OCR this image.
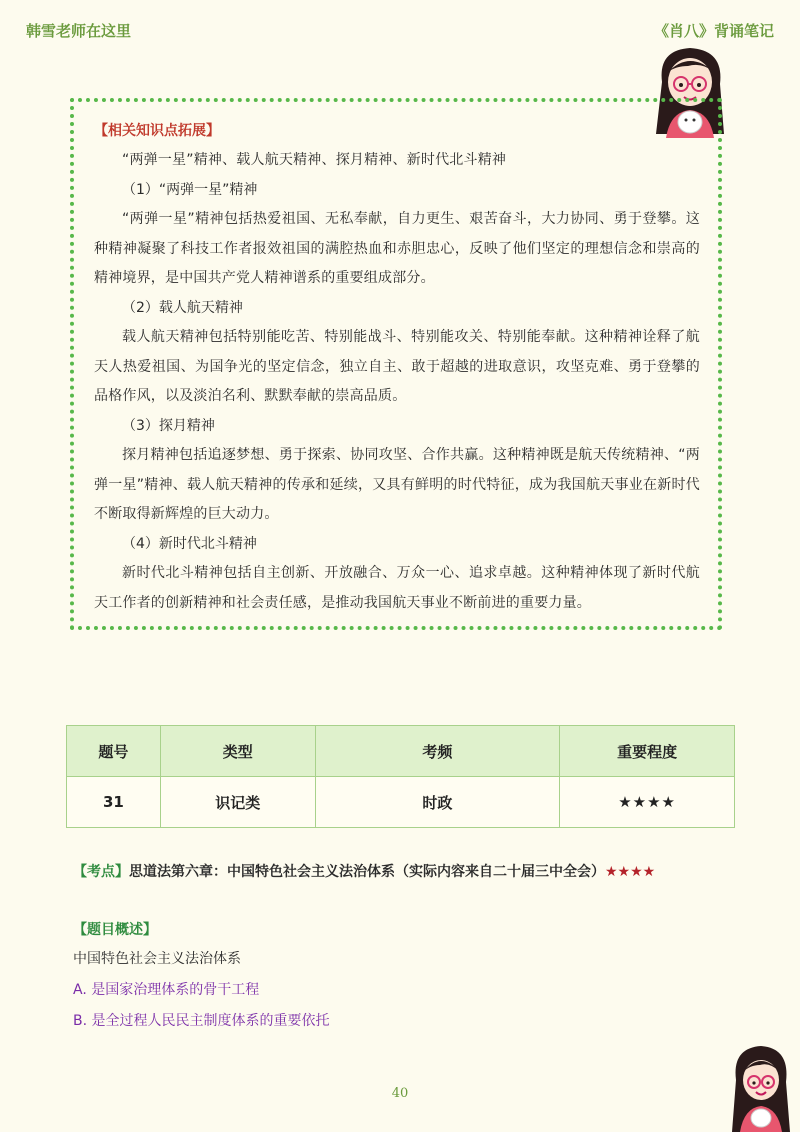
韩雪老师在这里	《肖八》背诵笔记

【相关知识点拓展】

“两弹一星”精神、载人航天精神、探月精神、新时代北斗精神

（1）“两弹一星”精神

“两弹一星”精神包括热爱祖国、无私奉献，自力更生、艰苦奋斗，大力协同、勇于登攀。这种精神凝聚了科技工作者报效祖国的满腔热血和赤胆忠心，反映了他们坚定的理想信念和崇高的精神境界，是中国共产党人精神谱系的重要组成部分。

（2）载人航天精神

载人航天精神包括特别能吃苦、特别能战斗、特别能攻关、特别能奉献。这种精神诠释了航天人热爱祖国、为国争光的坚定信念，独立自主、敢于超越的进取意识，攻坚克难、勇于登攀的品格作风，以及淡泊名利、默默奉献的崇高品质。

（3）探月精神

探月精神包括追逐梦想、勇于探索、协同攻坚、合作共赢。这种精神既是航天传统精神、“两弹一星”精神、载人航天精神的传承和延续，又具有鲜明的时代特征，成为我国航天事业在新时代不断取得新辉煌的巨大动力。

（4）新时代北斗精神

新时代北斗精神包括自主创新、开放融合、万众一心、追求卓越。这种精神体现了新时代航天工作者的创新精神和社会责任感，是推动我国航天事业不断前进的重要力量。

题号	类型	考频	重要程度
31	识记类	时政	★★★★
【考点】思道法第六章：中国特色社会主义法治体系（实际内容来自二十届三中全会）★★★★
【题目概述】
中国特色社会主义法治体系
A. 是国家治理体系的骨干工程
B. 是全过程人民民主制度体系的重要依托
40
